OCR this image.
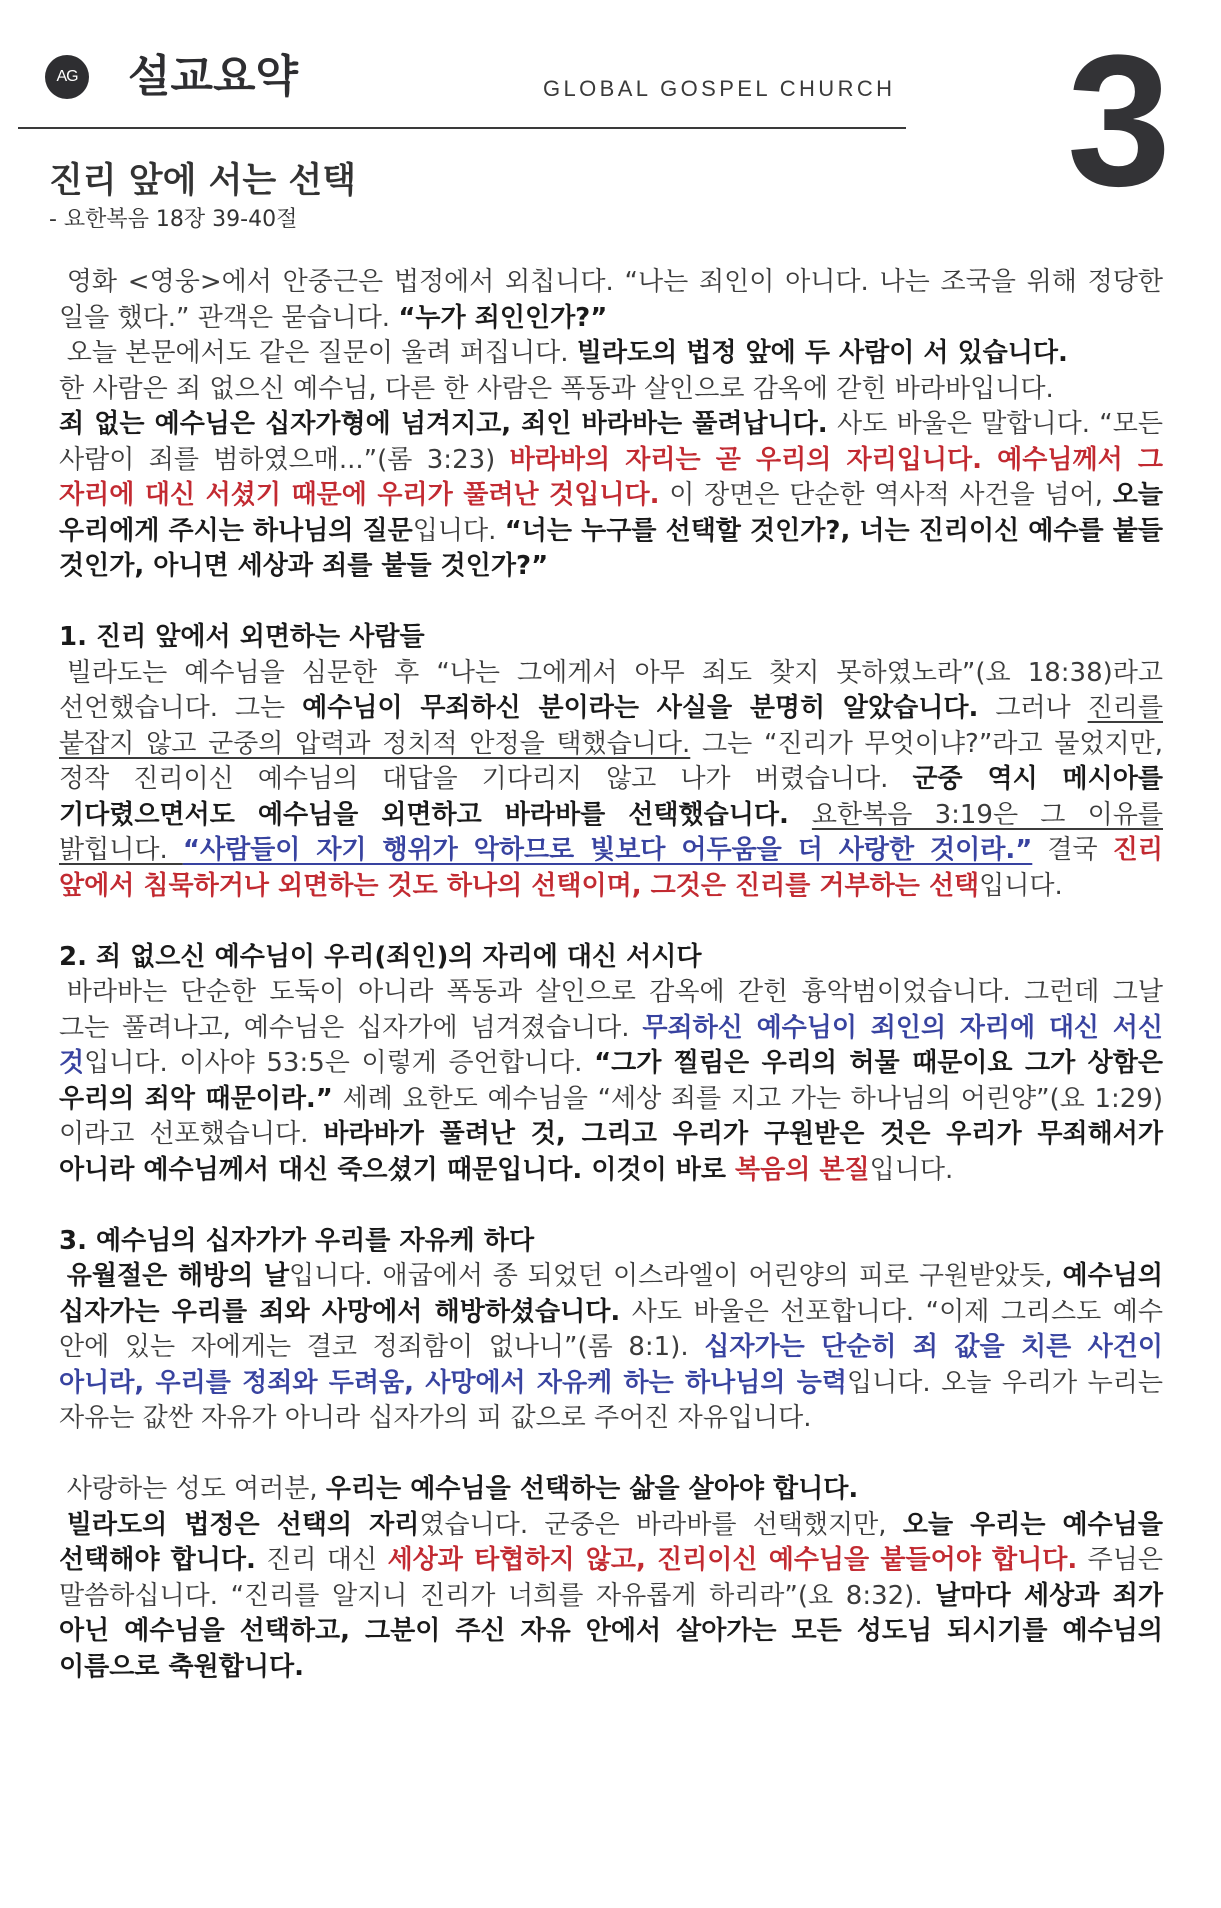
AG 설교요약	GLOBAL GOSPEL CHURCH 3
진리 앞에 서는 선택
- 요한복음 18장 39-40절

영화 <영웅>에서 안중근은 법정에서 외칩니다. “나는 죄인이 아니다. 나는 조국을 위해 정당한 일을 했다.” 관객은 묻습니다. “누가 죄인인가?”

오늘 본문에서도 같은 질문이 울려 퍼집니다. 빌라도의 법정 앞에 두 사람이 서 있습니다.

한 사람은 죄 없으신 예수님, 다른 한 사람은 폭동과 살인으로 감옥에 갇힌 바라바입니다.

죄 없는 예수님은 십자가형에 넘겨지고, 죄인 바라바는 풀려납니다. 사도 바울은 말합니다. “모든 사람이 죄를 범하였으매...”(롬 3:23) 바라바의 자리는 곧 우리의 자리입니다. 예수님께서 그 자리에 대신 서셨기 때문에 우리가 풀려난 것입니다. 이 장면은 단순한 역사적 사건을 넘어, 오늘 우리에게 주시는 하나님의 질문입니다. “너는 누구를 선택할 것인가?, 너는 진리이신 예수를 붙들 것인가, 아니면 세상과 죄를 붙들 것인가?”

1. 진리 앞에서 외면하는 사람들

빌라도는 예수님을 심문한 후 “나는 그에게서 아무 죄도 찾지 못하였노라”(요 18:38)라고 선언했습니다. 그는 예수님이 무죄하신 분이라는 사실을 분명히 알았습니다. 그러나 진리를 붙잡지 않고 군중의 압력과 정치적 안정을 택했습니다. 그는 “진리가 무엇이냐?”라고 물었지만, 정작 진리이신 예수님의 대답을 기다리지 않고 나가 버렸습니다. 군중 역시 메시아를 기다렸으면서도 예수님을 외면하고 바라바를 선택했습니다. 요한복음 3:19은 그 이유를 밝힙니다. “사람들이 자기 행위가 악하므로 빛보다 어두움을 더 사랑한 것이라.” 결국 진리 앞에서 침묵하거나 외면하는 것도 하나의 선택이며, 그것은 진리를 거부하는 선택입니다.

2. 죄 없으신 예수님이 우리(죄인)의 자리에 대신 서시다

바라바는 단순한 도둑이 아니라 폭동과 살인으로 감옥에 갇힌 흉악범이었습니다. 그런데 그날 그는 풀려나고, 예수님은 십자가에 넘겨졌습니다. 무죄하신 예수님이 죄인의 자리에 대신 서신 것입니다. 이사야 53:5은 이렇게 증언합니다. “그가 찔림은 우리의 허물 때문이요 그가 상함은 우리의 죄악 때문이라.” 세례 요한도 예수님을 “세상 죄를 지고 가는 하나님의 어린양”(요 1:29)이라고 선포했습니다. 바라바가 풀려난 것, 그리고 우리가 구원받은 것은 우리가 무죄해서가 아니라 예수님께서 대신 죽으셨기 때문입니다. 이것이 바로 복음의 본질입니다.

3. 예수님의 십자가가 우리를 자유케 하다

유월절은 해방의 날입니다. 애굽에서 종 되었던 이스라엘이 어린양의 피로 구원받았듯, 예수님의 십자가는 우리를 죄와 사망에서 해방하셨습니다. 사도 바울은 선포합니다. “이제 그리스도 예수 안에 있는 자에게는 결코 정죄함이 없나니”(롬 8:1). 십자가는 단순히 죄 값을 치른 사건이 아니라, 우리를 정죄와 두려움, 사망에서 자유케 하는 하나님의 능력입니다. 오늘 우리가 누리는 자유는 값싼 자유가 아니라 십자가의 피 값으로 주어진 자유입니다.

사랑하는 성도 여러분, 우리는 예수님을 선택하는 삶을 살아야 합니다.

빌라도의 법정은 선택의 자리였습니다. 군중은 바라바를 선택했지만, 오늘 우리는 예수님을 선택해야 합니다. 진리 대신 세상과 타협하지 않고, 진리이신 예수님을 붙들어야 합니다. 주님은 말씀하십니다. “진리를 알지니 진리가 너희를 자유롭게 하리라”(요 8:32). 날마다 세상과 죄가 아닌 예수님을 선택하고, 그분이 주신 자유 안에서 살아가는 모든 성도님 되시기를 예수님의 이름으로 축원합니다.
